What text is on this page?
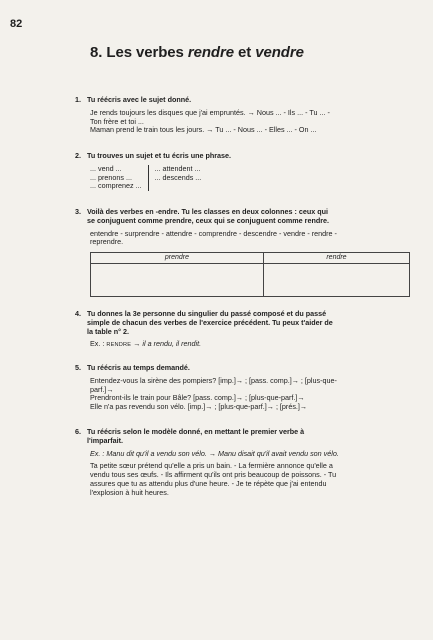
82
8. Les verbes rendre et vendre
1. Tu réécris avec le sujet donné.
Je rends toujours les disques que j'ai empruntés. → Nous ... - Ils ... - Tu ... -
Ton frère et toi ...
Maman prend le train tous les jours. → Tu ... - Nous ... - Elles ... - On ...
2. Tu trouves un sujet et tu écris une phrase.
... vend ...
... prenons ...
... comprenez ...
... attendent ...
... descends ...
3. Voilà des verbes en -endre. Tu les classes en deux colonnes : ceux qui
se conjuguent comme prendre, ceux qui se conjuguent comme rendre.
entendre - surprendre - attendre - comprendre - descendre - vendre - rendre -
reprendre.
prendre	rendre

4. Tu donnes la 3e personne du singulier du passé composé et du passé
simple de chacun des verbes de l'exercice précédent. Tu peux t'aider de
la table n° 2.
Ex. : RENDRE → il a rendu, il rendit.
5. Tu réécris au temps demandé.
Entendez-vous la sirène des pompiers? [imp.]→ ; [pass. comp.]→ ; [plus-que-
parf.]→
Prendront-ils le train pour Bâle? [pass. comp.]→ ; [plus-que-parf.]→
Elle n'a pas revendu son vélo. [imp.]→ ; [plus-que-parf.]→ ; [prés.]→
6. Tu réécris selon le modèle donné, en mettant le premier verbe à
l'imparfait.
Ex. : Manu dit qu'il a vendu son vélo. → Manu disait qu'il avait vendu son vélo.
Ta petite sœur prétend qu'elle a pris un bain. - La fermière annonce qu'elle a
vendu tous ses œufs. - Ils affirment qu'ils ont pris beaucoup de poissons. - Tu
assures que tu as attendu plus d'une heure. - Je te répète que j'ai entendu
l'explosion à huit heures.
